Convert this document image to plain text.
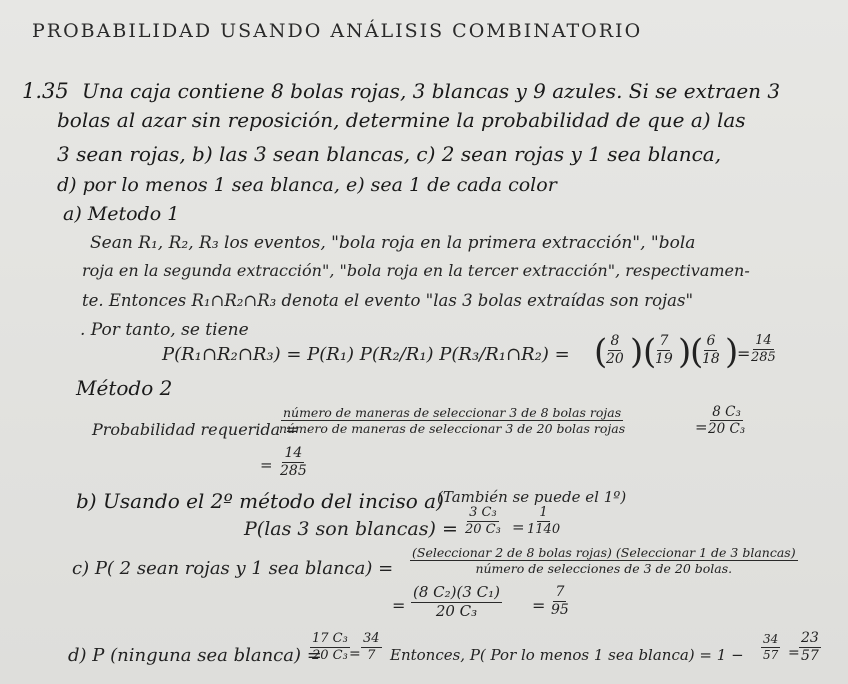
PROBABILIDAD USANDO ANÁLISIS COMBINATORIO
1.35 Una caja contiene 8 bolas rojas, 3 blancas y 9 azules. Si se extraen 3
bolas al azar sin reposición, determine la probabilidad de que a) las
3 sean rojas, b) las 3 sean blancas, c) 2 sean rojas y 1 sea blanca,
d) por lo menos 1 sea blanca, e) sea 1 de cada color
a) Metodo 1
Sean R₁, R₂, R₃ los eventos, "bola roja en la primera extracción", "bola
roja en la segunda extracción", "bola roja en la tercer extracción", respectivamen-
te. Entonces R₁∩R₂∩R₃ denota el evento "las 3 bolas extraídas son rojas"
. Por tanto, se tiene
P(R₁∩R₂∩R₃) = P(R₁) P(R₂/R₁) P(R₃/R₁∩R₂) = (
$\frac{8}{20}$ ) (
$\frac{7}{19}$ )
(
$\frac{6}{18}$ )
= $\frac{14}{285}$
Método 2
Probabilidad requerida =
número de maneras de seleccionar 3 de 8 bolas rojas
número de maneras de seleccionar 3 de 20 bolas rojas	= $\frac{\text{8 C₃}}{\text{20 C₃}}$
= $\frac{14}{285}$
b) Usando el 2º método del inciso a)
(También se puede el 1º)
P(las 3 son blancas) = $\frac{\text{3 C₃}}{\text{20 C₃}} = \frac{1}{1140}$
c) P( 2 sean rojas y 1 sea blanca) =
(Seleccionar 2 de 8 bolas rojas) (Seleccionar 1 de 3 blancas)
número de selecciones de 3 de 20 bolas.
= $\frac{\text{(8 C₂)(3 C₁)}}{\text{20 C₃}} = \frac{7}{95}$
d) P (ninguna sea blanca) =
$\frac{\text{17 C₃}}{\text{20 C₃}} = \frac{34}{7}$ Entonces, P( Por lo menos 1 sea blanca) = $1 - \frac{34}{57} = \frac{23}{57}$
